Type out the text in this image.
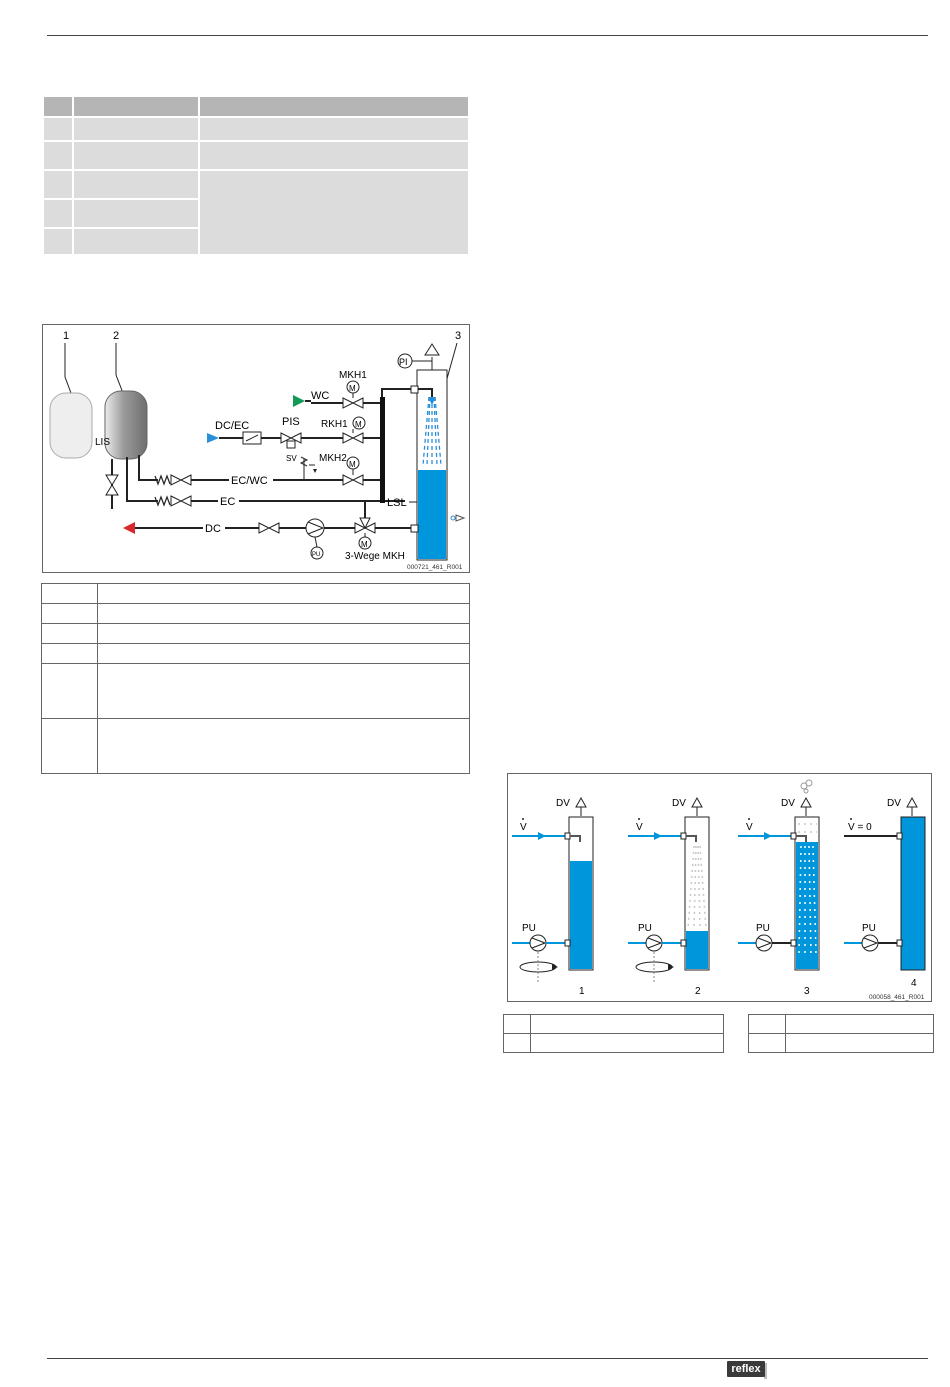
1	2	3
LIS
EC/WC
EC
M
MKH2
SV
WC
M
MKH1
DC/EC	PIS	M
RKH1
PI
LSL
DC
PU
M
3-Wege MKH
000721_461_R001

DV
V
PU
1
DV
V
PU
2
DV
V
PU
3
DV
V = 0
PU
4
000058_461_R001

reflex
